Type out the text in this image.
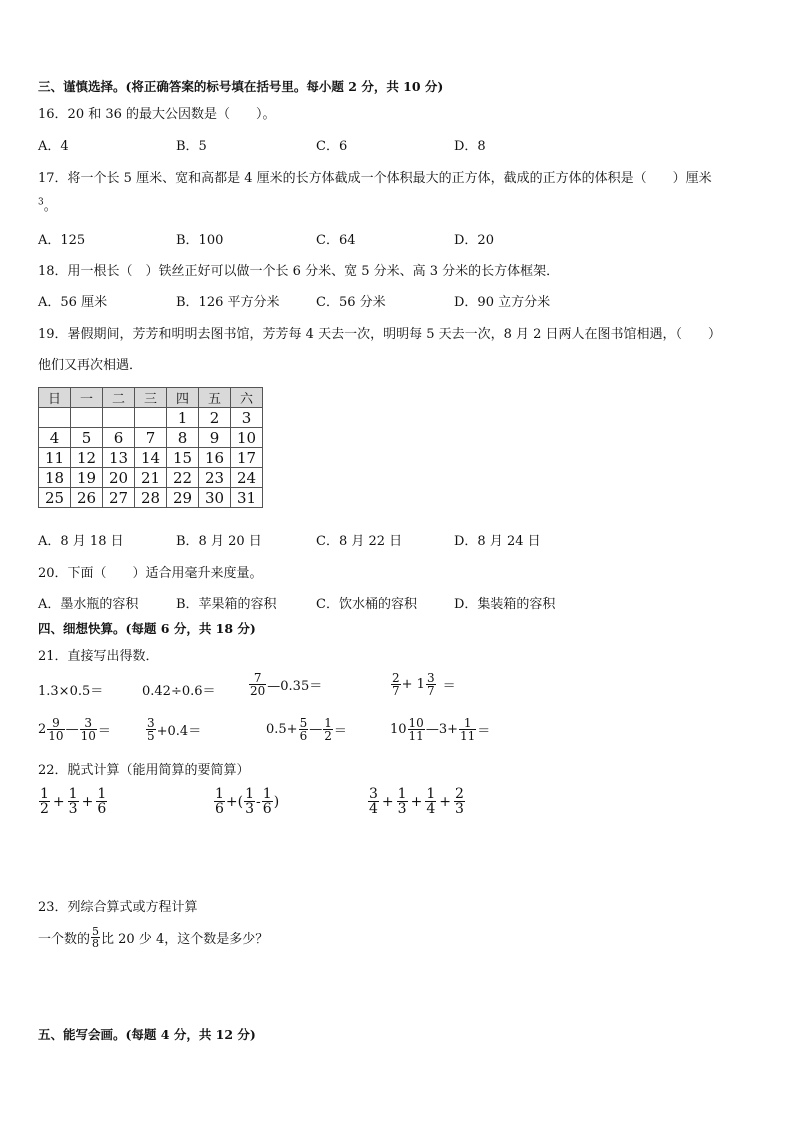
三、谨慎选择。(将正确答案的标号填在括号里。每小题 2 分，共 10 分)
16．20 和 36 的最大公因数是（　　）。
A．4	B．5	C．6	D．8
17．将一个长 5 厘米、宽和高都是 4 厘米的长方体截成一个体积最大的正方体，截成的正方体的体积是（　　）厘米
$^3$。
A．125	B．100	C．64	D．20
18．用一根长（　）铁丝正好可以做一个长 6 分米、宽 5 分米、高 3 分米的长方体框架．
A．56 厘米	B．126 平方分米	C．56 分米	D．90 立方分米
19．暑假期间，芳芳和明明去图书馆，芳芳每 4 天去一次，明明每 5 天去一次，8 月 2 日两人在图书馆相遇，（　　）
他们又再次相遇．
日	一	二	三	四	五	六
				1	2	3
4	5	6	7	8	9	10
11	12	13	14	15	16	17
18	19	20	21	22	23	24
25	26	27	28	29	30	31
A．8 月 18 日	B．8 月 20 日	C．8 月 22 日	D．8 月 24 日
20．下面（　　）适合用毫升来度量。
A．墨水瓶的容积	B．苹果箱的容积	C．饮水桶的容积	D．集装箱的容积
四、细想快算。(每题 6 分，共 18 分)
21．直接写出得数．
1.3×0.5＝	0.42÷0.6＝	$\frac{7}{20}$ —0.35＝	$\frac{2}{7} + 1 \frac{3}{7}$ ＝
$2 \frac{9}{10}$ — $\frac{3}{10}$ ＝	$\frac{3}{5} +0.4=$	$0.5+ \frac{5}{6}$ — $\frac{1}{2}$ ＝	$10 \frac{10}{11}$ —3+ $\frac{1}{11}$ ＝
22．脱式计算（能用简算的要简算）
$\frac{1}{2} + \frac{1}{3} + \frac{1}{6}$	$\frac{1}{6}$ +( $\frac{1}{3} - \frac{1}{6}$ )	$\frac{3}{4} + \frac{1}{3} + \frac{1}{4} + \frac{2}{3}$
23．列综合算式或方程计算
一个数的 $\frac{5}{8}$ 比 20 少 4，这个数是多少？
五、能写会画。(每题 4 分，共 12 分)
